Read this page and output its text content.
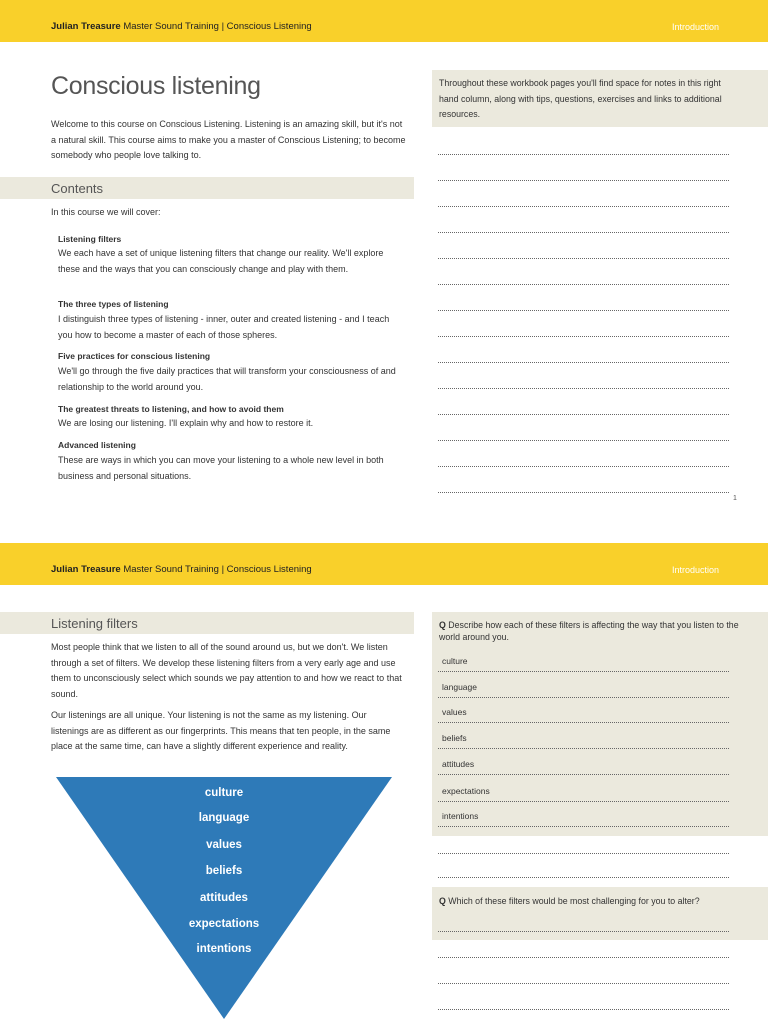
Julian Treasure Master Sound Training | Conscious Listening	Introduction
Conscious listening
Welcome to this course on Conscious Listening. Listening is an amazing skill, but it's not a natural skill. This course aims to make you a master of Conscious Listening; to become somebody who people love talking to.
Contents
In this course we will cover:
Listening filters
We each have a set of unique listening filters that change our reality. We'll explore these and the ways that you can consciously change and play with them.
The three types of listening
I distinguish three types of listening - inner, outer and created listening - and I teach you how to become a master of each of those spheres.
Five practices for conscious listening
We'll go through the five daily practices that will transform your consciousness of and relationship to the world around you.
The greatest threats to listening, and how to avoid them
We are losing our listening. I'll explain why and how to restore it.
Advanced listening
These are ways in which you can move your listening to a whole new level in both business and personal situations.
Throughout these workbook pages you'll find space for notes in this right hand column, along with tips, questions, exercises and links to additional resources.
1
Julian Treasure Master Sound Training | Conscious Listening	Introduction
Listening filters
Most people think that we listen to all of the sound around us, but we don't. We listen through a set of filters. We develop these listening filters from a very early age and use them to unconsciously select which sounds we pay attention to and how we react to that sound.
Our listenings are all unique. Your listening is not the same as my listening. Our listenings are as different as our fingerprints. This means that ten people, in the same place at the same time, can have a slightly different experience and reality.
culture
language
values
beliefs
attitudes
expectations
intentions
Q Describe how each of these filters is affecting the way that you listen to the world around you.
culture
language
values
beliefs
attitudes
expectations
intentions
Q Which of these filters would be most challenging for you to alter?
